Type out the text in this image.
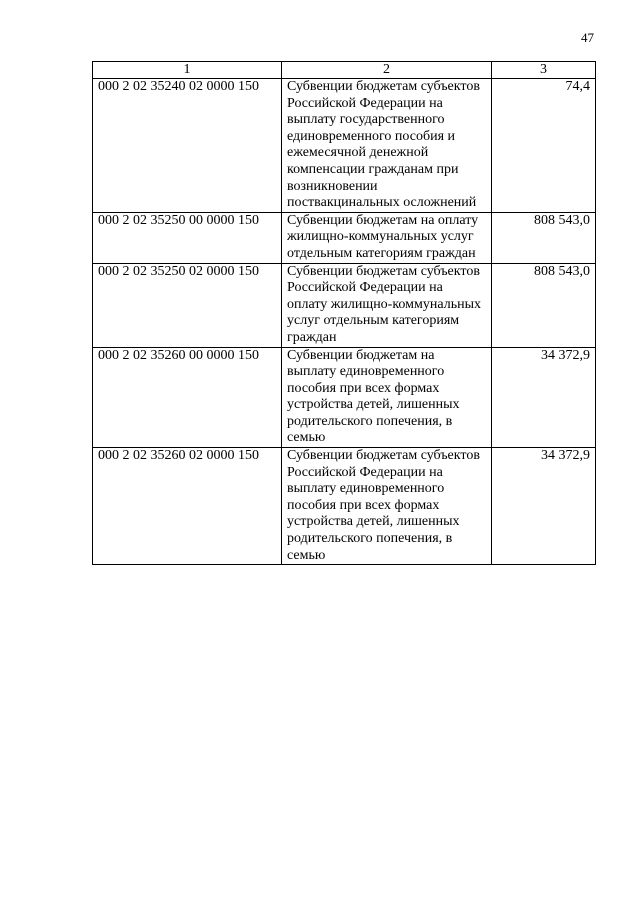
47
1	2	3
000 2 02 35240 02 0000 150	Субвенции бюджетам субъектов Российской Федерации на выплату государственного единовременного пособия и ежемесячной денежной компенсации гражданам при возникновении поствакцинальных осложнений	74,4
000 2 02 35250 00 0000 150	Субвенции бюджетам на оплату жилищно-коммунальных услуг отдельным категориям граждан	808 543,0
000 2 02 35250 02 0000 150	Субвенции бюджетам субъектов Российской Федерации на оплату жилищно-коммунальных услуг отдельным категориям граждан	808 543,0
000 2 02 35260 00 0000 150	Субвенции бюджетам на выплату единовременного пособия при всех формах устройства детей, лишенных родительского попечения, в семью	34 372,9
000 2 02 35260 02 0000 150	Субвенции бюджетам субъектов Российской Федерации на выплату единовременного пособия при всех формах устройства детей, лишенных родительского попечения, в семью	34 372,9
